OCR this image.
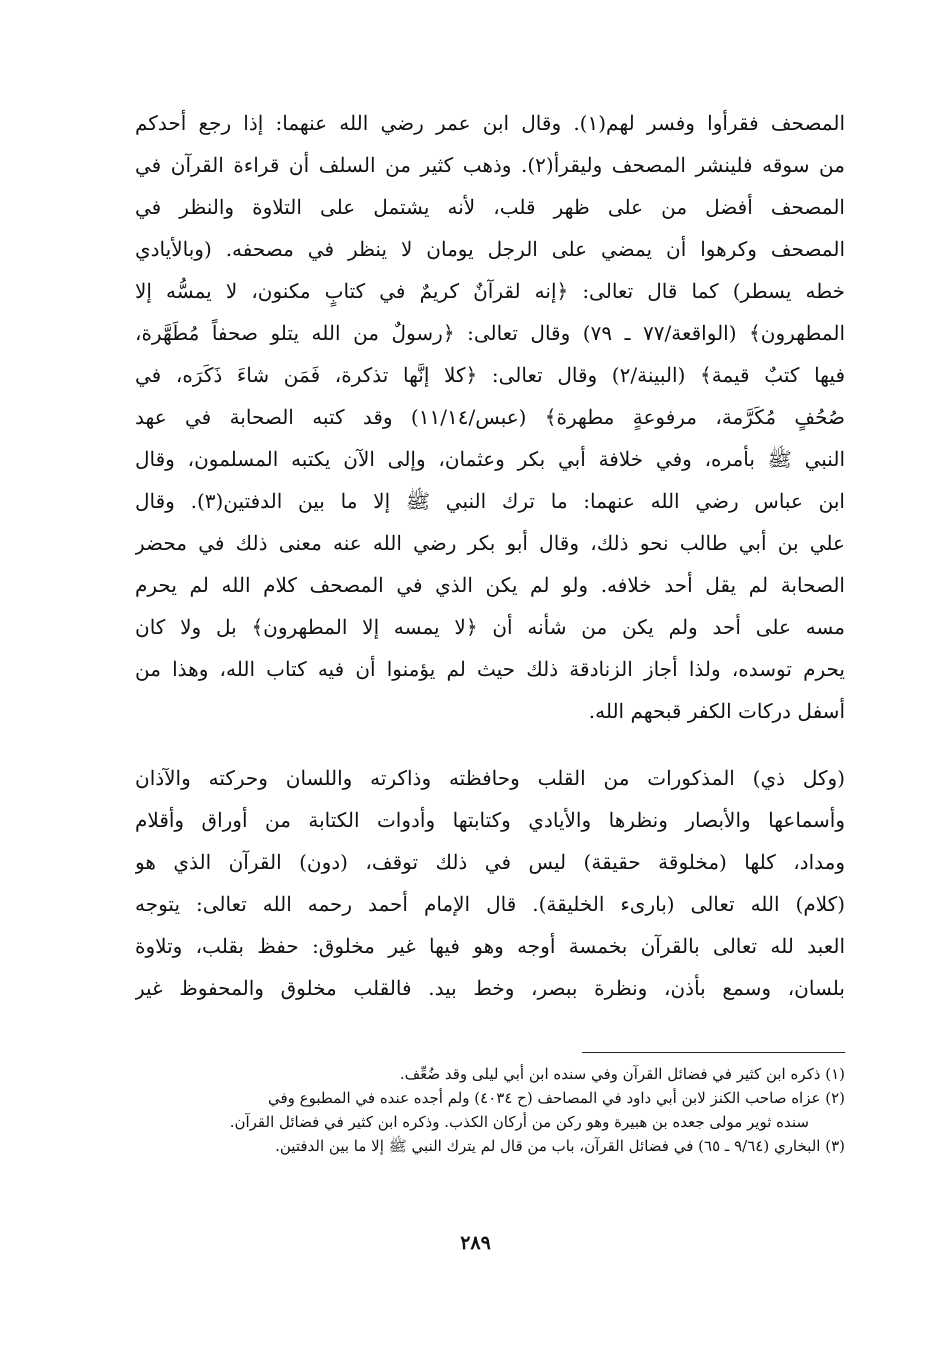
المصحف فقرأوا وفسر لهم(١). وقال ابن عمر رضي الله عنهما: إذا رجع أحدكم
من سوقه فلينشر المصحف وليقرأ(٢). وذهب كثير من السلف أن قراءة القرآن في
المصحف أفضل من على ظهر قلب، لأنه يشتمل على التلاوة والنظر في
المصحف وكرهوا أن يمضي على الرجل يومان لا ينظر في مصحفه. (وبالأيادي
خطه يسطر) كما قال تعالى: ﴿إنه لقرآنٌ كريمٌ في كتابٍ مكنون، لا يمسُّه إلا
المطهرون﴾ (الواقعة/٧٧ ـ ٧٩) وقال تعالى: ﴿رسولٌ من الله يتلو صحفاً مُطَهَّرة،
فيها كتبٌ قيمة﴾ (البينة/٢) وقال تعالى: ﴿كلا إنَّها تذكرة، فَمَن شاءَ ذَكَرَه، في
صُحُفٍ مُكَرَّمة، مرفوعةٍ مطهرة﴾ (عبس/١١/١٤) وقد كتبه الصحابة في عهد
النبي ﷺ بأمره، وفي خلافة أبي بكر وعثمان، وإلى الآن يكتبه المسلمون، وقال
ابن عباس رضي الله عنهما: ما ترك النبي ﷺ إلا ما بين الدفتين(٣). وقال
علي بن أبي طالب نحو ذلك، وقال أبو بكر رضي الله عنه معنى ذلك في محضر
الصحابة لم يقل أحد خلافه. ولو لم يكن الذي في المصحف كلام الله لم يحرم
مسه على أحد ولم يكن من شأنه أن ﴿لا يمسه إلا المطهرون﴾ بل ولا كان
يحرم توسده، ولذا أجاز الزنادقة ذلك حيث لم يؤمنوا أن فيه كتاب الله، وهذا من
أسفل دركات الكفر قبحهم الله.
(وكل ذي) المذكورات من القلب وحافظته وذاكرته واللسان وحركته والآذان
وأسماعها والأبصار ونظرها والأيادي وكتابتها وأدوات الكتابة من أوراق وأقلام
ومداد، كلها (مخلوقة حقيقة) ليس في ذلك توقف، (دون) القرآن الذي هو
(كلام) الله تعالى (بارىء الخليقة). قال الإمام أحمد رحمه الله تعالى: يتوجه
العبد لله تعالى بالقرآن بخمسة أوجه وهو فيها غير مخلوق: حفظ بقلب، وتلاوة
بلسان، وسمع بأذن، ونظرة ببصر، وخط بيد. فالقلب مخلوق والمحفوظ غير
(١) ذكره ابن كثير في فضائل القرآن وفي سنده ابن أبي ليلى وقد ضُعِّف.
(٢) عزاه صاحب الكنز لابن أبي داود في المصاحف (ح ٤٠٣٤) ولم أجده عنده في المطبوع وفي
سنده ثوير مولى جعده بن هبيرة وهو ركن من أركان الكذب. وذكره ابن كثير في فضائل القرآن.
(٣) البخاري (٩/٦٤ ـ ٦٥) في فضائل القرآن، باب من قال لم يترك النبي ﷺ إلا ما بين الدفتين.
٢٨٩
